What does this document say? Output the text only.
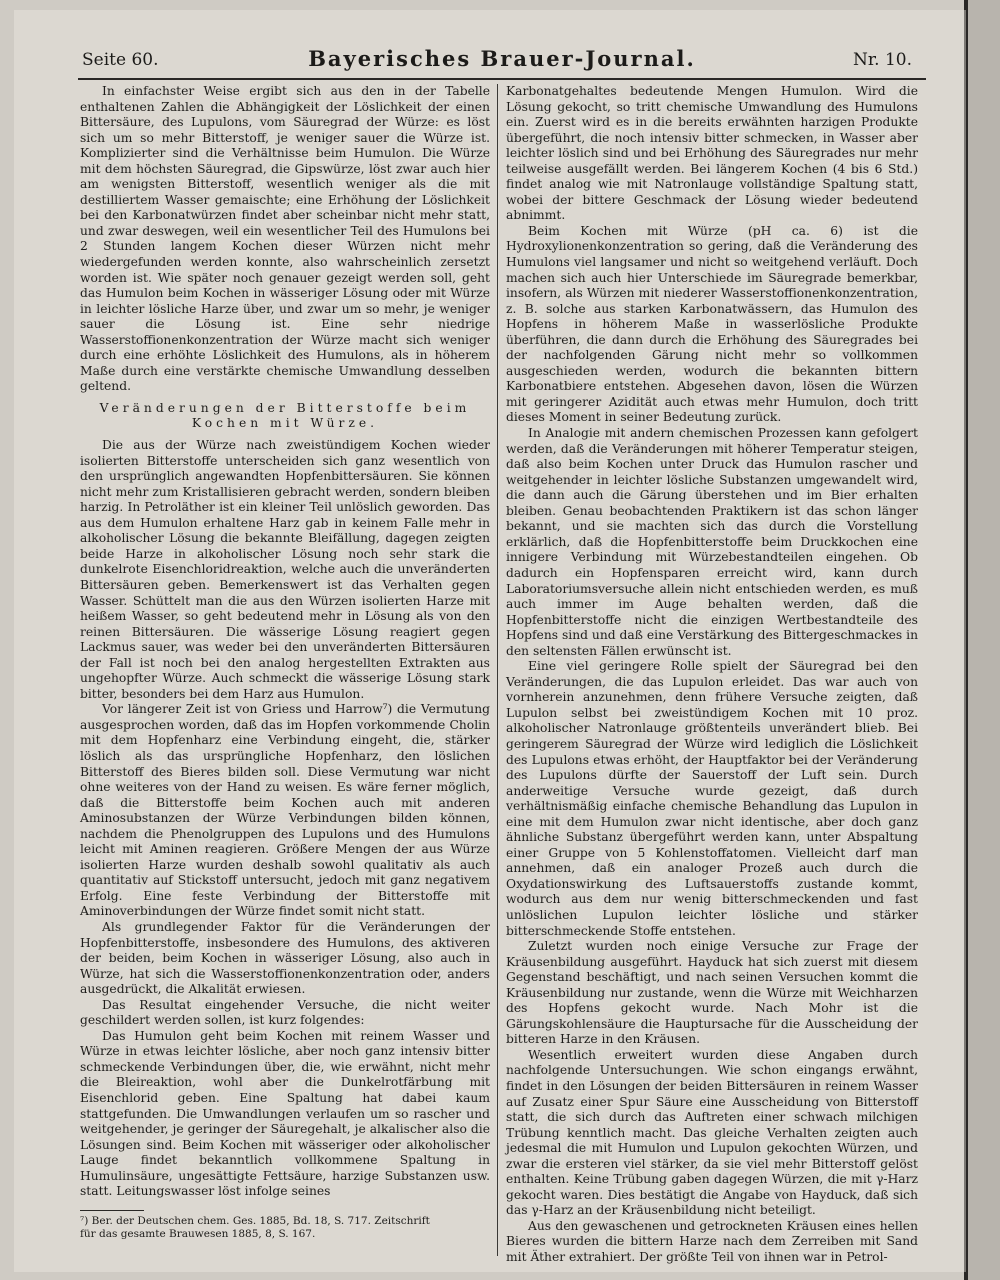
Seite 60.	Bayerisches Brauer-Journal.	Nr. 10.

In einfachster Weise ergibt sich aus den in der Tabelle enthaltenen Zahlen die Abhängigkeit der Löslichkeit der einen Bittersäure, des Lupulons, vom Säuregrad der Würze: es löst sich um so mehr Bitterstoff, je weniger sauer die Würze ist. Komplizierter sind die Verhältnisse beim Humulon. Die Würze mit dem höchsten Säuregrad, die Gipswürze, löst zwar auch hier am wenigsten Bitterstoff, wesentlich weniger als die mit destilliertem Wasser gemaischte; eine Erhöhung der Löslichkeit bei den Karbonatwürzen findet aber scheinbar nicht mehr statt, und zwar deswegen, weil ein wesentlicher Teil des Humulons bei 2 Stunden langem Kochen dieser Würzen nicht mehr wiedergefunden werden konnte, also wahrscheinlich zersetzt worden ist. Wie später noch genauer gezeigt werden soll, geht das Humulon beim Kochen in wässeriger Lösung oder mit Würze in leichter lösliche Harze über, und zwar um so mehr, je weniger sauer die Lösung ist. Eine sehr niedrige Wasserstoffionenkonzentration der Würze macht sich weniger durch eine erhöhte Löslichkeit des Humulons, als in höherem Maße durch eine verstärkte chemische Umwandlung desselben geltend.

Veränderungen der Bitterstoffe beim Kochen mit Würze.

Die aus der Würze nach zweistündigem Kochen wieder isolierten Bitterstoffe unterscheiden sich ganz wesentlich von den ursprünglich angewandten Hopfenbittersäuren. Sie können nicht mehr zum Kristallisieren gebracht werden, sondern bleiben harzig. In Petroläther ist ein kleiner Teil unlöslich geworden. Das aus dem Humulon erhaltene Harz gab in keinem Falle mehr in alkoholischer Lösung die bekannte Bleifällung, dagegen zeigten beide Harze in alkoholischer Lösung noch sehr stark die dunkelrote Eisenchloridreaktion, welche auch die unveränderten Bittersäuren geben. Bemerkenswert ist das Verhalten gegen Wasser. Schüttelt man die aus den Würzen isolierten Harze mit heißem Wasser, so geht bedeutend mehr in Lösung als von den reinen Bittersäuren. Die wässerige Lösung reagiert gegen Lackmus sauer, was weder bei den unveränderten Bittersäuren der Fall ist noch bei den analog hergestellten Extrakten aus ungehopfter Würze. Auch schmeckt die wässerige Lösung stark bitter, besonders bei dem Harz aus Humulon.

Vor längerer Zeit ist von Griess und Harrow⁷) die Vermutung ausgesprochen worden, daß das im Hopfen vorkommende Cholin mit dem Hopfenharz eine Verbindung eingeht, die, stärker löslich als das ursprüngliche Hopfenharz, den löslichen Bitterstoff des Bieres bilden soll. Diese Vermutung war nicht ohne weiteres von der Hand zu weisen. Es wäre ferner möglich, daß die Bitterstoffe beim Kochen auch mit anderen Aminosubstanzen der Würze Verbindungen bilden können, nachdem die Phenolgruppen des Lupulons und des Humulons leicht mit Aminen reagieren. Größere Mengen der aus Würze isolierten Harze wurden deshalb sowohl qualitativ als auch quantitativ auf Stickstoff untersucht, jedoch mit ganz negativem Erfolg. Eine feste Verbindung der Bitterstoffe mit Aminoverbindungen der Würze findet somit nicht statt.

Als grundlegender Faktor für die Veränderungen der Hopfenbitterstoffe, insbesondere des Humulons, des aktiveren der beiden, beim Kochen in wässeriger Lösung, also auch in Würze, hat sich die Wasserstoffionenkonzentration oder, anders ausgedrückt, die Alkalität erwiesen.

Das Resultat eingehender Versuche, die nicht weiter geschildert werden sollen, ist kurz folgendes:

Das Humulon geht beim Kochen mit reinem Wasser und Würze in etwas leichter lösliche, aber noch ganz intensiv bitter schmeckende Verbindungen über, die, wie erwähnt, nicht mehr die Bleireaktion, wohl aber die Dunkelrotfärbung mit Eisenchlorid geben. Eine Spaltung hat dabei kaum stattgefunden. Die Umwandlungen verlaufen um so rascher und weitgehender, je geringer der Säuregehalt, je alkalischer also die Lösungen sind. Beim Kochen mit wässeriger oder alkoholischer Lauge findet bekanntlich vollkommene Spaltung in Humulinsäure, ungesättigte Fettsäure, harzige Substanzen usw. statt. Leitungswasser löst infolge seines

⁷) Ber. der Deutschen chem. Ges. 1885, Bd. 18, S. 717. Zeitschrift

für das gesamte Brauwesen 1885, 8, S. 167.

Karbonatgehaltes bedeutende Mengen Humulon. Wird die Lösung gekocht, so tritt chemische Umwandlung des Humulons ein. Zuerst wird es in die bereits erwähnten harzigen Produkte übergeführt, die noch intensiv bitter schmecken, in Wasser aber leichter löslich sind und bei Erhöhung des Säuregrades nur mehr teilweise ausgefällt werden. Bei längerem Kochen (4 bis 6 Std.) findet analog wie mit Natronlauge vollständige Spaltung statt, wobei der bittere Geschmack der Lösung wieder bedeutend abnimmt.

Beim Kochen mit Würze (pH ca. 6) ist die Hydroxylionenkonzentration so gering, daß die Veränderung des Humulons viel langsamer und nicht so weitgehend verläuft. Doch machen sich auch hier Unterschiede im Säuregrade bemerkbar, insofern, als Würzen mit niederer Wasserstoffionenkonzentration, z. B. solche aus starken Karbonatwässern, das Humulon des Hopfens in höherem Maße in wasserlösliche Produkte überführen, die dann durch die Erhöhung des Säuregrades bei der nachfolgenden Gärung nicht mehr so vollkommen ausgeschieden werden, wodurch die bekannten bittern Karbonatbiere entstehen. Abgesehen davon, lösen die Würzen mit geringerer Azidität auch etwas mehr Humulon, doch tritt dieses Moment in seiner Bedeutung zurück.

In Analogie mit andern chemischen Prozessen kann gefolgert werden, daß die Veränderungen mit höherer Temperatur steigen, daß also beim Kochen unter Druck das Humulon rascher und weitgehender in leichter lösliche Substanzen umgewandelt wird, die dann auch die Gärung überstehen und im Bier erhalten bleiben. Genau beobachtenden Praktikern ist das schon länger bekannt, und sie machten sich das durch die Vorstellung erklärlich, daß die Hopfenbitterstoffe beim Druckkochen eine innigere Verbindung mit Würzebestandteilen eingehen. Ob dadurch ein Hopfensparen erreicht wird, kann durch Laboratoriumsversuche allein nicht entschieden werden, es muß auch immer im Auge behalten werden, daß die Hopfenbitterstoffe nicht die einzigen Wertbestandteile des Hopfens sind und daß eine Verstärkung des Bittergeschmackes in den seltensten Fällen erwünscht ist.

Eine viel geringere Rolle spielt der Säuregrad bei den Veränderungen, die das Lupulon erleidet. Das war auch von vornherein anzunehmen, denn frühere Versuche zeigten, daß Lupulon selbst bei zweistündigem Kochen mit 10 proz. alkoholischer Natronlauge größtenteils unverändert blieb. Bei geringerem Säuregrad der Würze wird lediglich die Löslichkeit des Lupulons etwas erhöht, der Hauptfaktor bei der Veränderung des Lupulons dürfte der Sauerstoff der Luft sein. Durch anderweitige Versuche wurde gezeigt, daß durch verhältnismäßig einfache chemische Behandlung das Lupulon in eine mit dem Humulon zwar nicht identische, aber doch ganz ähnliche Substanz übergeführt werden kann, unter Abspaltung einer Gruppe von 5 Kohlenstoffatomen. Vielleicht darf man annehmen, daß ein analoger Prozeß auch durch die Oxydationswirkung des Luftsauerstoffs zustande kommt, wodurch aus dem nur wenig bitterschmeckenden und fast unlöslichen Lupulon leichter lösliche und stärker bitterschmeckende Stoffe entstehen.

Zuletzt wurden noch einige Versuche zur Frage der Kräusenbildung ausgeführt. Hayduck hat sich zuerst mit diesem Gegenstand beschäftigt, und nach seinen Versuchen kommt die Kräusenbildung nur zustande, wenn die Würze mit Weichharzen des Hopfens gekocht wurde. Nach Mohr ist die Gärungskohlensäure die Hauptursache für die Ausscheidung der bitteren Harze in den Kräusen.

Wesentlich erweitert wurden diese Angaben durch nachfolgende Untersuchungen. Wie schon eingangs erwähnt, findet in den Lösungen der beiden Bittersäuren in reinem Wasser auf Zusatz einer Spur Säure eine Ausscheidung von Bitterstoff statt, die sich durch das Auftreten einer schwach milchigen Trübung kenntlich macht. Das gleiche Verhalten zeigten auch jedesmal die mit Humulon und Lupulon gekochten Würzen, und zwar die ersteren viel stärker, da sie viel mehr Bitterstoff gelöst enthalten. Keine Trübung gaben dagegen Würzen, die mit γ-Harz gekocht waren. Dies bestätigt die Angabe von Hayduck, daß sich das γ-Harz an der Kräusenbildung nicht beteiligt.

Aus den gewaschenen und getrockneten Kräusen eines hellen Bieres wurden die bittern Harze nach dem Zerreiben mit Sand mit Äther extrahiert. Der größte Teil von ihnen war in Petrol-
